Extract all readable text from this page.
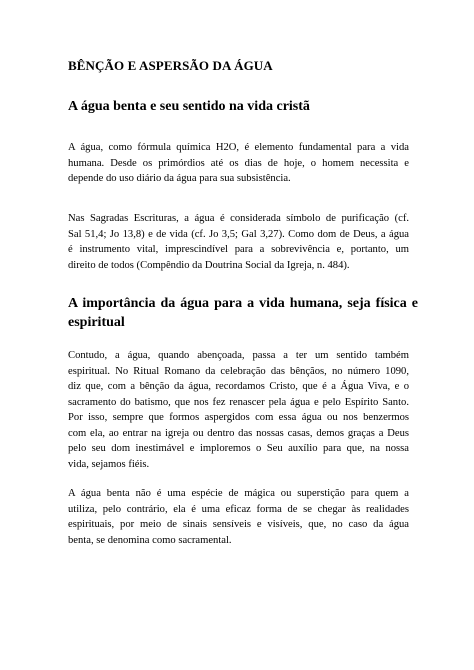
BÊNÇÃO E ASPERSÃO DA ÁGUA
A água benta e seu sentido na vida cristã
A água, como fórmula química H2O, é elemento fundamental para a vida
humana. Desde os primórdios até os dias de hoje, o homem necessita e
depende do uso diário da água para sua subsistência.
Nas Sagradas Escrituras, a água é considerada símbolo de purificação (cf.
Sal 51,4; Jo 13,8) e de vida (cf. Jo 3,5; Gal 3,27). Como dom de Deus, a água
é instrumento vital, imprescindível para a sobrevivência e, portanto, um
direito de todos (Compêndio da Doutrina Social da Igreja, n. 484).
A importância da água para a vida humana, seja física e
espiritual
Contudo, a água, quando abençoada, passa a ter um sentido também
espiritual. No Ritual Romano da celebração das bênçãos, no número 1090,
diz que, com a bênção da água, recordamos Cristo, que é a Água Viva, e o
sacramento do batismo, que nos fez renascer pela água e pelo Espírito Santo.
Por isso, sempre que formos aspergidos com essa água ou nos benzermos
com ela, ao entrar na igreja ou dentro das nossas casas, demos graças a Deus
pelo seu dom inestimável e imploremos o Seu auxílio para que, na nossa
vida, sejamos fiéis.
A água benta não é uma espécie de mágica ou superstição para quem a
utiliza, pelo contrário, ela é uma eficaz forma de se chegar às realidades
espirituais, por meio de sinais sensíveis e visíveis, que, no caso da água
benta, se denomina como sacramental.
